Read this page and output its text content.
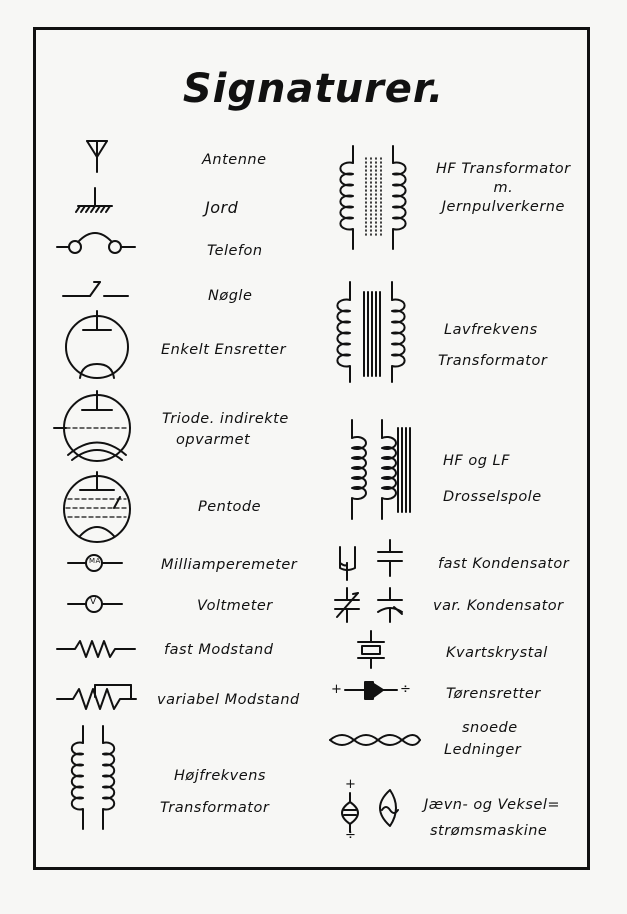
Signaturer.
MA
V
+	÷
+
÷
Antenne
Jord
Telefon
Nøgle
Enkelt Ensretter
Triode. indirekte
opvarmet
Pentode
Milliamperemeter
Voltmeter
fast Modstand
variabel Modstand
Højfrekvens
Transformator
HF Transformator
m.
Jernpulverkerne
Lavfrekvens
Transformator
HF og LF
Drosselspole
fast Kondensator
var. Kondensator
Kvartskrystal
Tørensretter
snoede
Ledninger
Jævn- og Veksel=
strømsmaskine
